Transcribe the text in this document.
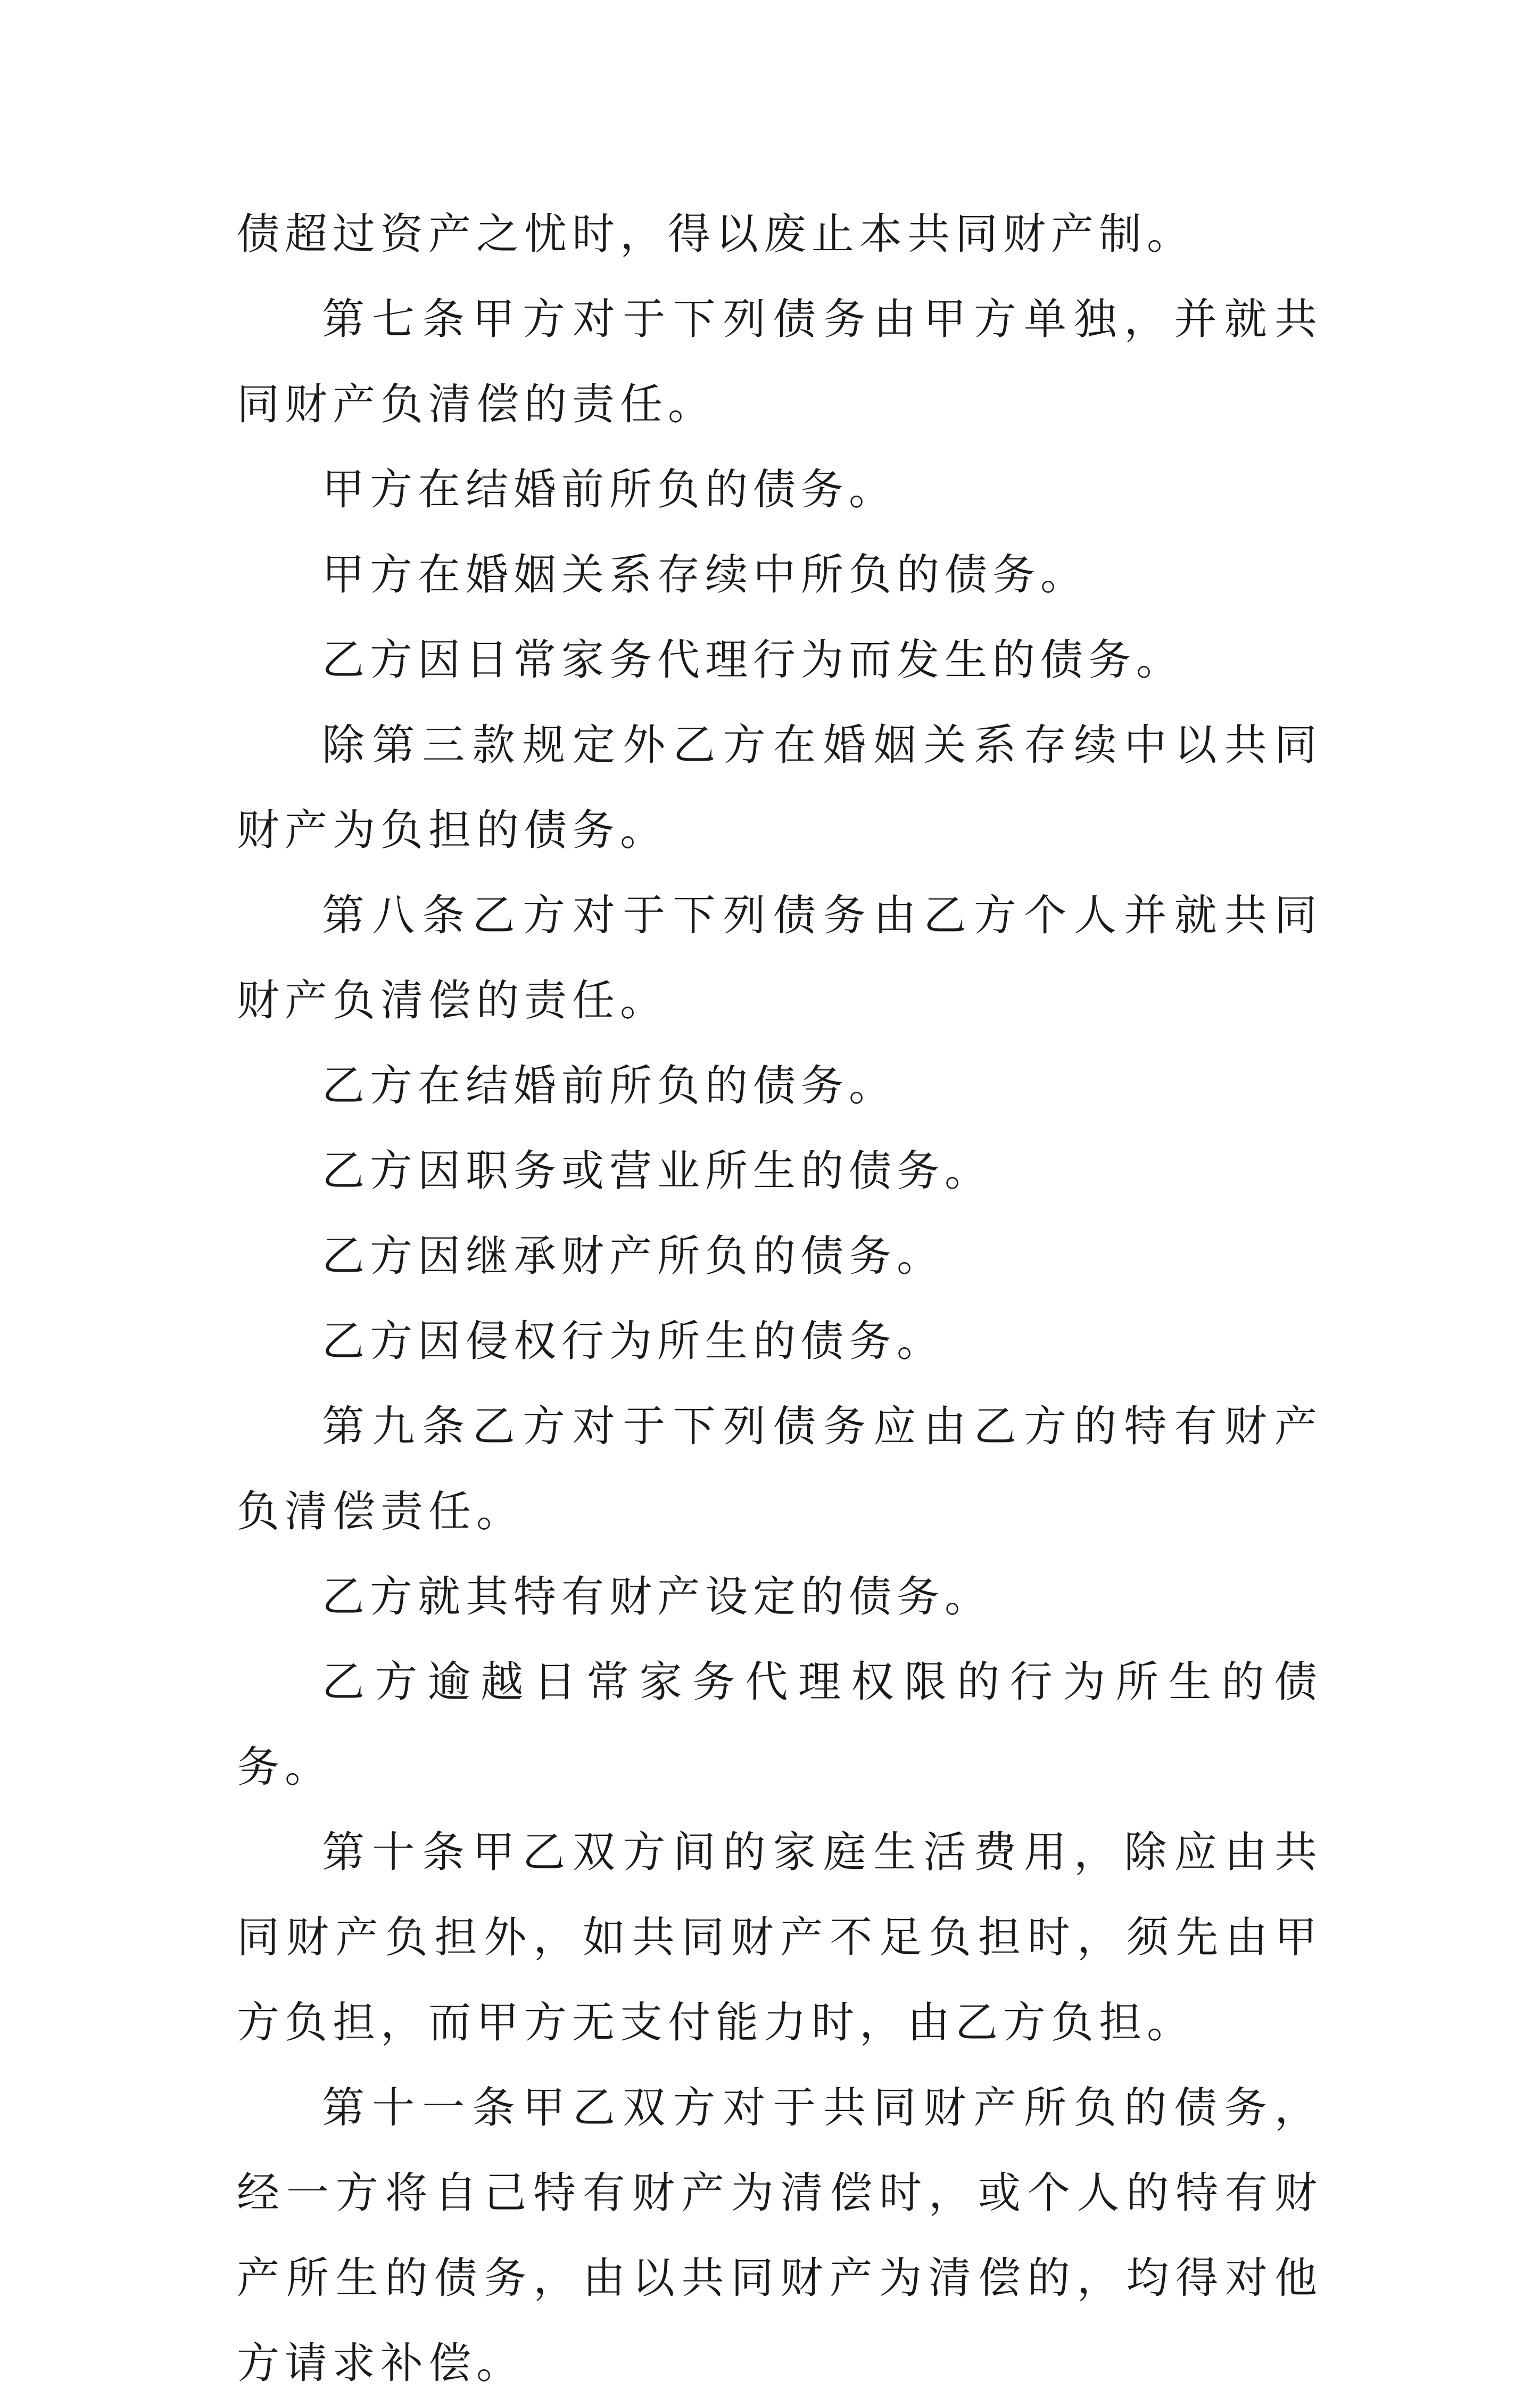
债超过资产之忧时，得以废止本共同财产制。

第七条甲方对于下列债务由甲方单独，并就共同财产负清偿的责任。

甲方在结婚前所负的债务。

甲方在婚姻关系存续中所负的债务。

乙方因日常家务代理行为而发生的债务。

除第三款规定外乙方在婚姻关系存续中以共同财产为负担的债务。

第八条乙方对于下列债务由乙方个人并就共同财产负清偿的责任。

乙方在结婚前所负的债务。

乙方因职务或营业所生的债务。

乙方因继承财产所负的债务。

乙方因侵权行为所生的债务。

第九条乙方对于下列债务应由乙方的特有财产负清偿责任。

乙方就其特有财产设定的债务。

乙方逾越日常家务代理权限的行为所生的债务。

第十条甲乙双方间的家庭生活费用，除应由共同财产负担外，如共同财产不足负担时，须先由甲方负担，而甲方无支付能力时，由乙方负担。

第十一条甲乙双方对于共同财产所负的债务，经一方将自己特有财产为清偿时，或个人的特有财产所生的债务，由以共同财产为清偿的，均得对他方请求补偿。
